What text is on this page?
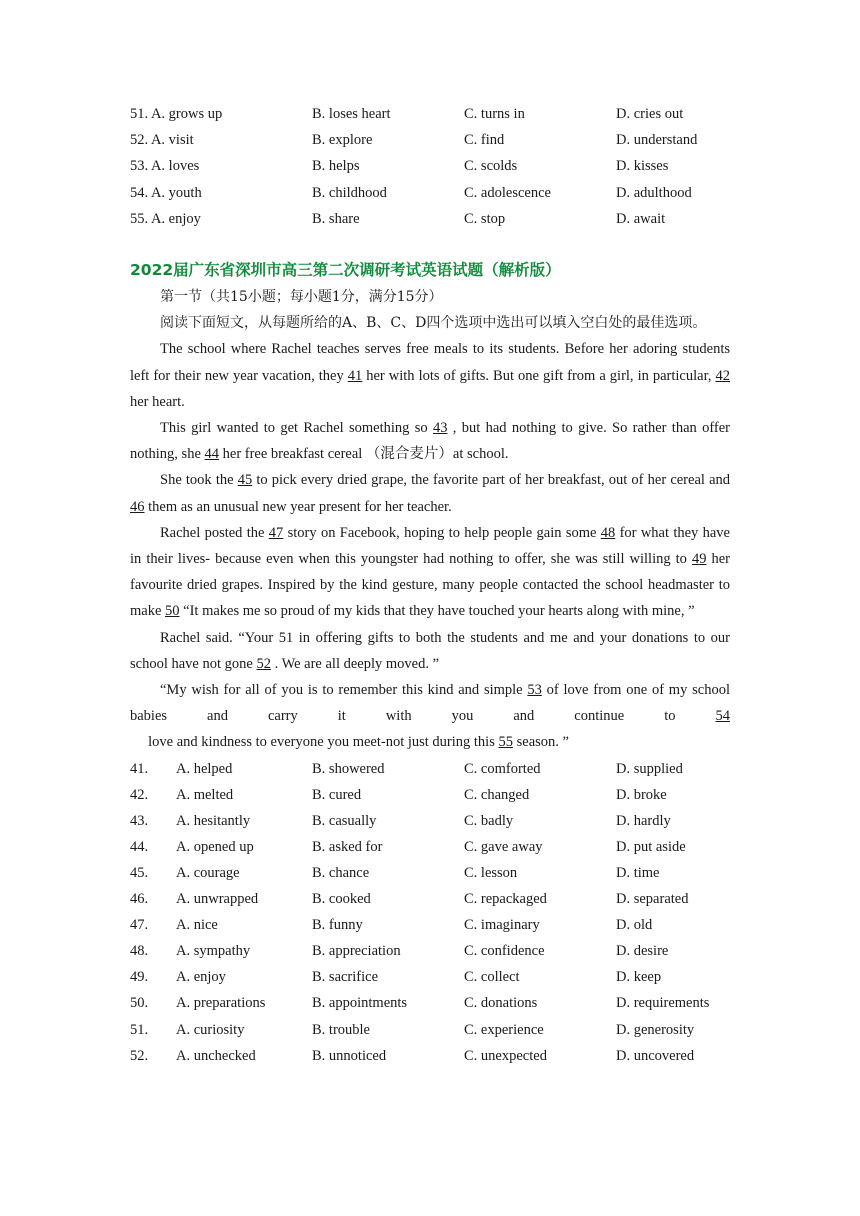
51. A. grows up	B. loses heart	C. turns in	D. cries out
52. A. visit	B. explore	C. find	D. understand
53. A. loves	B. helps	C. scolds	D. kisses
54. A. youth	B. childhood	C. adolescence	D. adulthood
55. A. enjoy	B. share	C. stop	D. await
2022届广东省深圳市高三第二次调研考试英语试题（解析版）
第一节（共15小题；每小题1分，满分15分）
阅读下面短文，从每题所给的A、B、C、D四个选项中选出可以填入空白处的最佳选项。

The school where Rachel teaches serves free meals to its students. Before her adoring students left for their new year vacation, they 41 her with lots of gifts. But one gift from a girl, in particular, 42 her heart.

This girl wanted to get Rachel something so 43 , but had nothing to give. So rather than offer nothing, she 44 her free breakfast cereal （混合麦片）at school.

She took the 45 to pick every dried grape, the favorite part of her breakfast, out of her cereal and 46 them as an unusual new year present for her teacher.

Rachel posted the 47 story on Facebook, hoping to help people gain some 48 for what they have in their lives- because even when this youngster had nothing to offer, she was still willing to 49 her favourite dried grapes. Inspired by the kind gesture, many people contacted the school headmaster to make 50 “It makes me so proud of my kids that they have touched your hearts along with mine, ”

Rachel said. “Your 51 in offering gifts to both the students and me and your donations to our school have not gone 52 . We are all deeply moved. ”

“My wish for all of you is to remember this kind and simple 53 of love from one of my school babies and carry it with you and continue to 54     love and kindness to everyone you meet-not just during this 55 season. ”

41.	A. helped	B. showered	C. comforted	D. supplied
42.	A. melted	B. cured	C. changed	D. broke
43.	A. hesitantly	B. casually	C. badly	D. hardly
44.	A. opened up	B. asked for	C. gave away	D. put aside
45.	A. courage	B. chance	C. lesson	D. time
46.	A. unwrapped	B. cooked	C. repackaged	D. separated
47.	A. nice	B. funny	C. imaginary	D. old
48.	A. sympathy	B. appreciation	C. confidence	D. desire
49.	A. enjoy	B. sacrifice	C. collect	D. keep
50.	A. preparations	B. appointments	C. donations	D. requirements
51.	A. curiosity	B. trouble	C. experience	D. generosity
52.	A. unchecked	B. unnoticed	C. unexpected	D. uncovered
